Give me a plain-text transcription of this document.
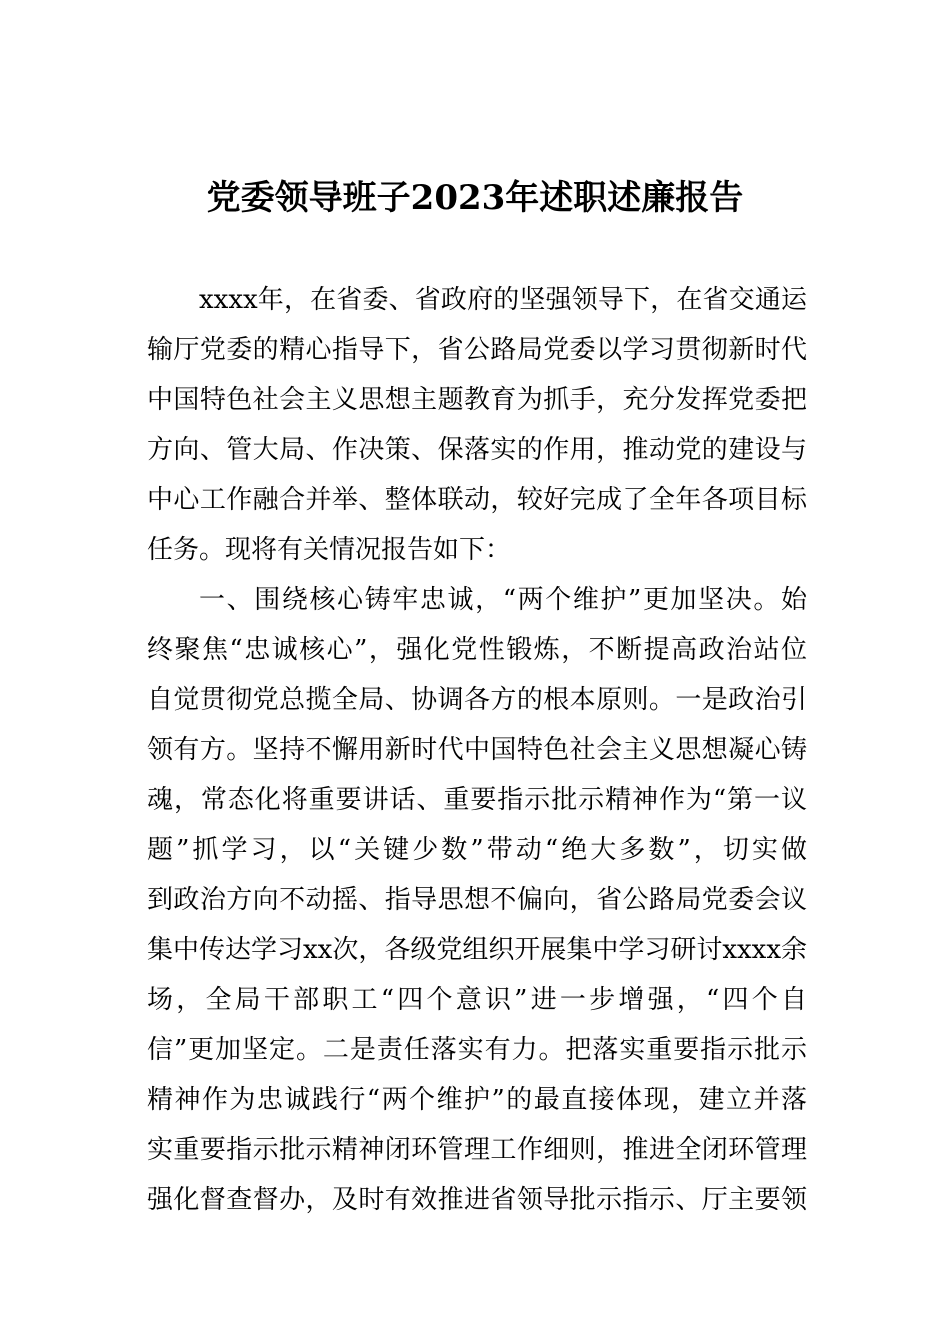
党委领导班子2023年述职述廉报告
xxxx年，在省委、省政府的坚强领导下，在省交通运
输厅党委的精心指导下，省公路局党委以学习贯彻新时代
中国特色社会主义思想主题教育为抓手，充分发挥党委把
方向、管大局、作决策、保落实的作用，推动党的建设与
中心工作融合并举、整体联动，较好完成了全年各项目标
任务。现将有关情况报告如下：
一、围绕核心铸牢忠诚，“两个维护”更加坚决。始
终聚焦“忠诚核心”，强化党性锻炼，不断提高政治站位
自觉贯彻党总揽全局、协调各方的根本原则。一是政治引
领有方。坚持不懈用新时代中国特色社会主义思想凝心铸
魂，常态化将重要讲话、重要指示批示精神作为“第一议
题”抓学习，以“关键少数”带动“绝大多数”，切实做
到政治方向不动摇、指导思想不偏向，省公路局党委会议
集中传达学习xx次，各级党组织开展集中学习研讨xxxx余
场，全局干部职工“四个意识”进一步增强，“四个自
信”更加坚定。二是责任落实有力。把落实重要指示批示
精神作为忠诚践行“两个维护”的最直接体现，建立并落
实重要指示批示精神闭环管理工作细则，推进全闭环管理
强化督查督办，及时有效推进省领导批示指示、厅主要领
